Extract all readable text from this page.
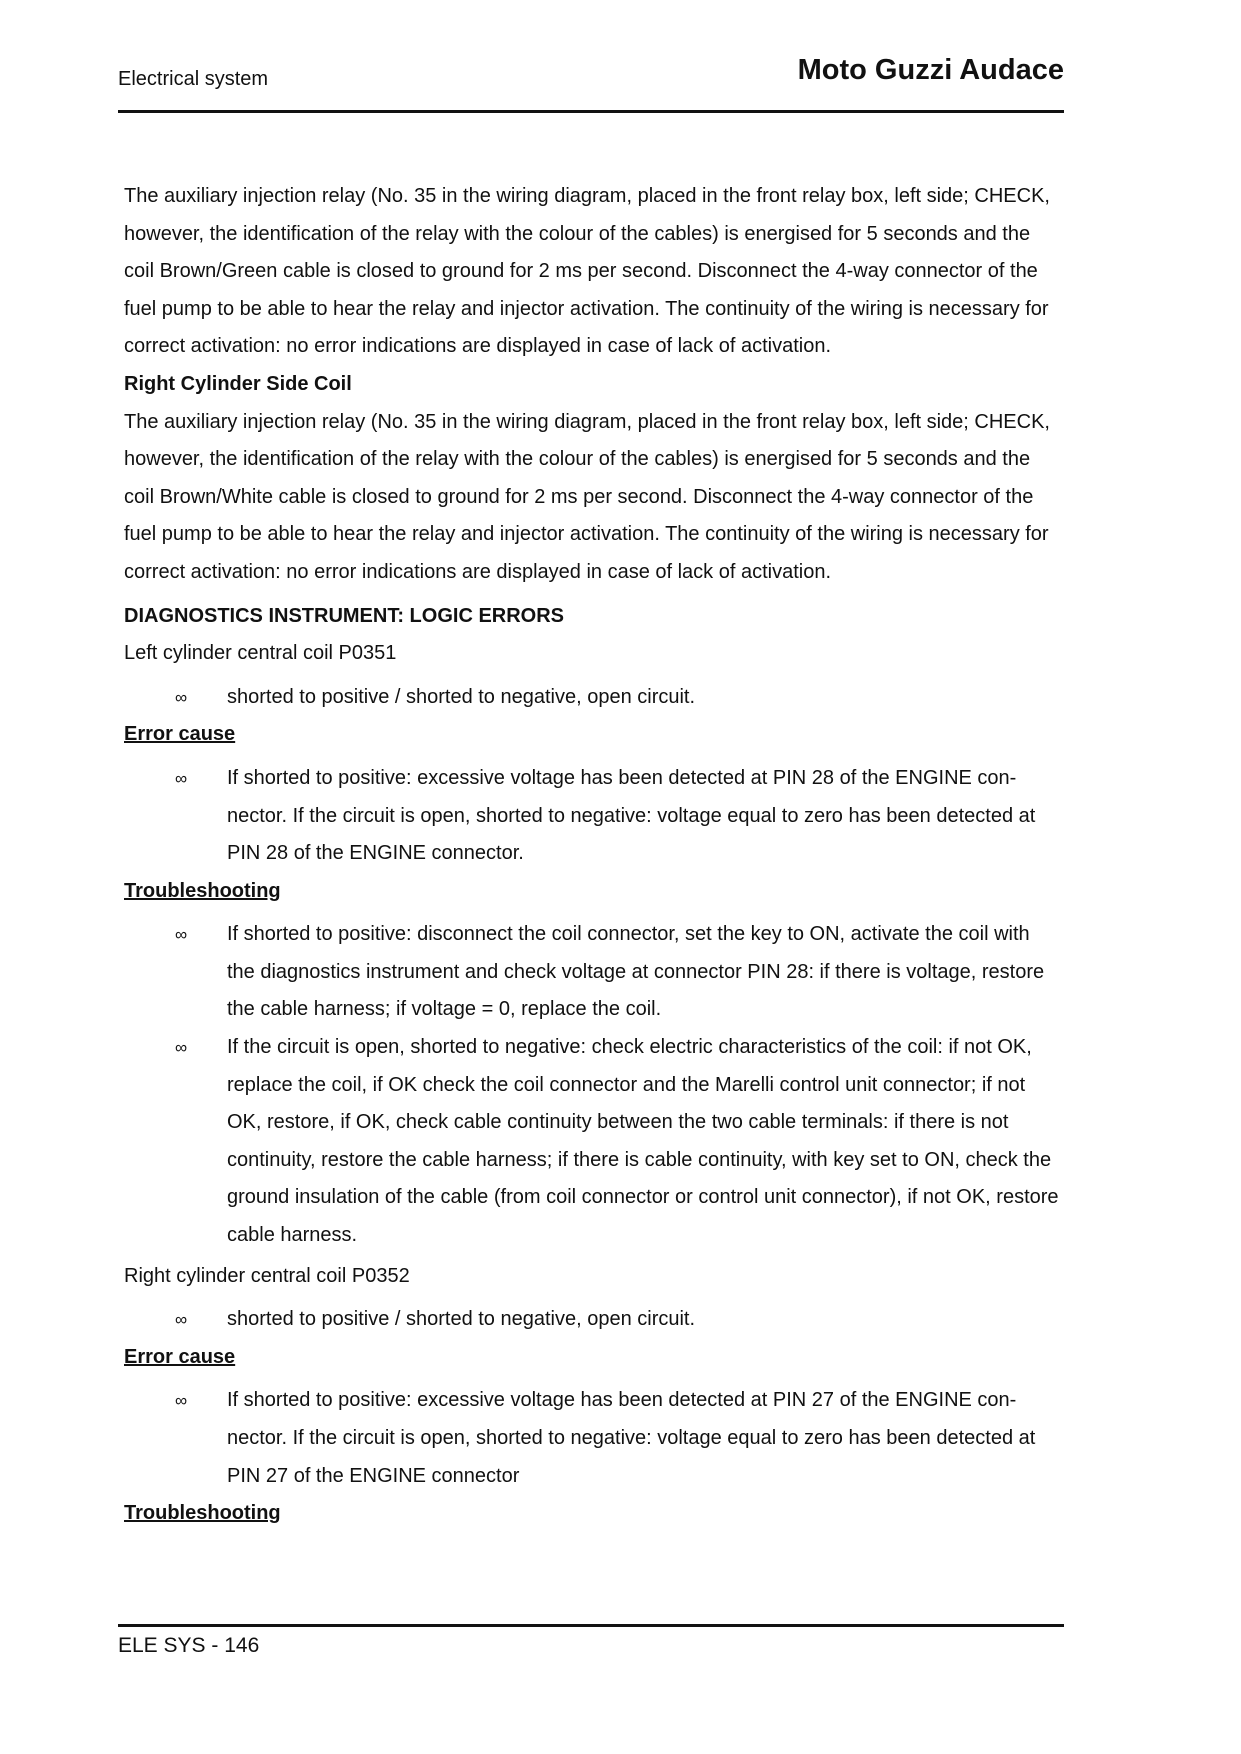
Electrical system	Moto Guzzi Audace

The auxiliary injection relay (No. 35 in the wiring diagram, placed in the front relay box, left side; CHECK, however, the identification of the relay with the colour of the cables) is energised for 5 seconds and the coil Brown/Green cable is closed to ground for 2 ms per second. Disconnect the 4-way connector of the fuel pump to be able to hear the relay and injector activation. The continuity of the wiring is necessary for correct activation: no error indications are displayed in case of lack of activation.

Right Cylinder Side Coil

The auxiliary injection relay (No. 35 in the wiring diagram, placed in the front relay box, left side; CHECK, however, the identification of the relay with the colour of the cables) is energised for 5 seconds and the coil Brown/White cable is closed to ground for 2 ms per second. Disconnect the 4-way connector of the fuel pump to be able to hear the relay and injector activation. The continuity of the wiring is necessary for correct activation: no error indications are displayed in case of lack of activation.

DIAGNOSTICS INSTRUMENT: LOGIC ERRORS

Left cylinder central coil P0351

∞ shorted to positive / shorted to negative, open circuit.

Error cause

∞ If shorted to positive: excessive voltage has been detected at PIN 28 of the ENGINE con-nector. If the circuit is open, shorted to negative: voltage equal to zero has been detected at PIN 28 of the ENGINE connector.

Troubleshooting

∞ If shorted to positive: disconnect the coil connector, set the key to ON, activate the coil with the diagnostics instrument and check voltage at connector PIN 28: if there is voltage, restore the cable harness; if voltage = 0, replace the coil.
∞ If the circuit is open, shorted to negative: check electric characteristics of the coil: if not OK, replace the coil, if OK check the coil connector and the Marelli control unit connector; if not OK, restore, if OK, check cable continuity between the two cable terminals: if there is not continuity, restore the cable harness; if there is cable continuity, with key set to ON, check the ground insulation of the cable (from coil connector or control unit connector), if not OK, restore cable harness.

Right cylinder central coil P0352

∞ shorted to positive / shorted to negative, open circuit.

Error cause

∞ If shorted to positive: excessive voltage has been detected at PIN 27 of the ENGINE con-nector. If the circuit is open, shorted to negative: voltage equal to zero has been detected at PIN 27 of the ENGINE connector

Troubleshooting

ELE SYS - 146
